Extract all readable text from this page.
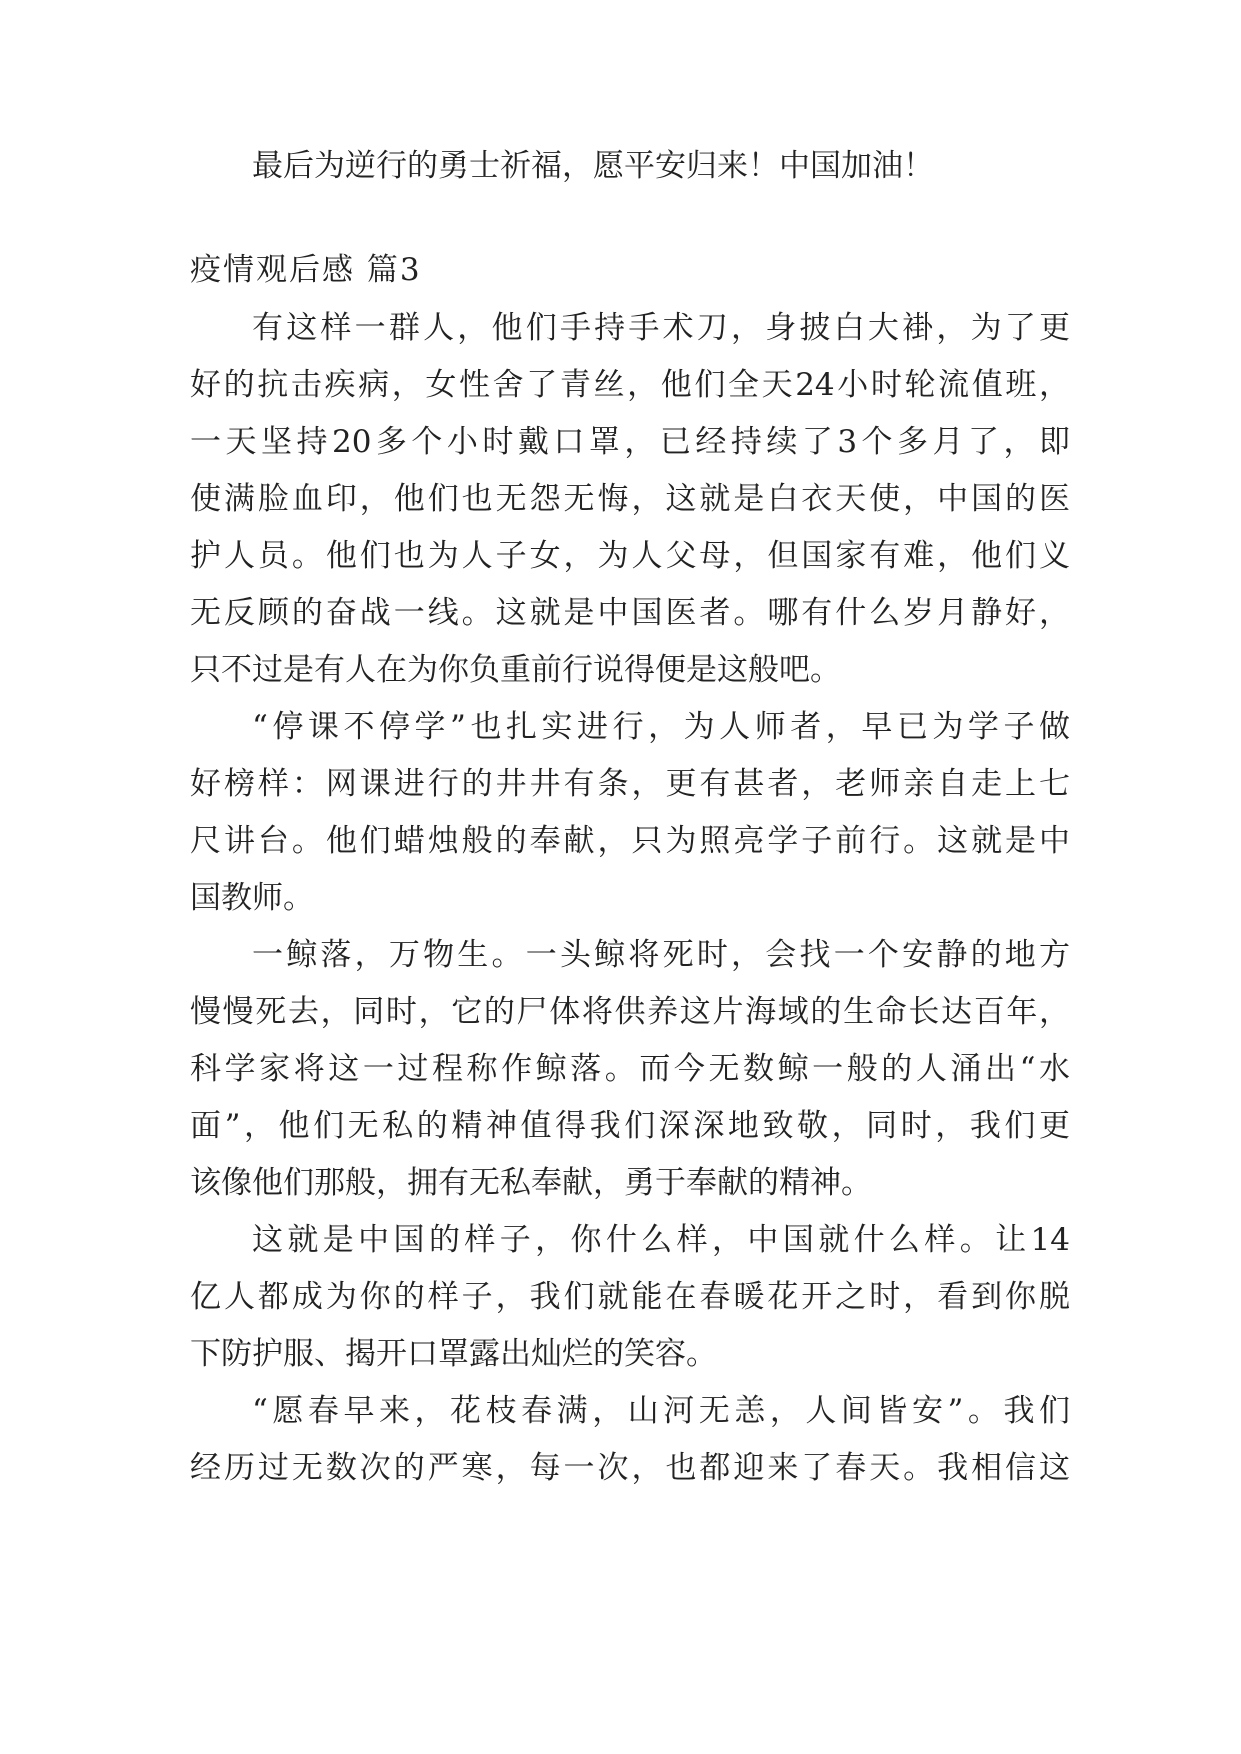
最后为逆行的勇士祈福，愿平安归来！中国加油！
疫情观后感 篇3
有这样一群人，他们手持手术刀，身披白大褂，为了更
好的抗击疾病，女性舍了青丝，他们全天24小时轮流值班，
一天坚持20多个小时戴口罩，已经持续了3个多月了，即
使满脸血印，他们也无怨无悔，这就是白衣天使，中国的医
护人员。他们也为人子女，为人父母，但国家有难，他们义
无反顾的奋战一线。这就是中国医者。哪有什么岁月静好，
只不过是有人在为你负重前行说得便是这般吧。
“停课不停学”也扎实进行，为人师者，早已为学子做
好榜样：网课进行的井井有条，更有甚者，老师亲自走上七
尺讲台。他们蜡烛般的奉献，只为照亮学子前行。这就是中
国教师。
一鲸落，万物生。一头鲸将死时，会找一个安静的地方
慢慢死去，同时，它的尸体将供养这片海域的生命长达百年，
科学家将这一过程称作鲸落。而今无数鲸一般的人涌出“水
面”，他们无私的精神值得我们深深地致敬，同时，我们更
该像他们那般，拥有无私奉献，勇于奉献的精神。
这就是中国的样子，你什么样，中国就什么样。让14
亿人都成为你的样子，我们就能在春暖花开之时，看到你脱
下防护服、揭开口罩露出灿烂的笑容。
“愿春早来，花枝春满，山河无恙，人间皆安”。我们
经历过无数次的严寒，每一次，也都迎来了春天。我相信这
